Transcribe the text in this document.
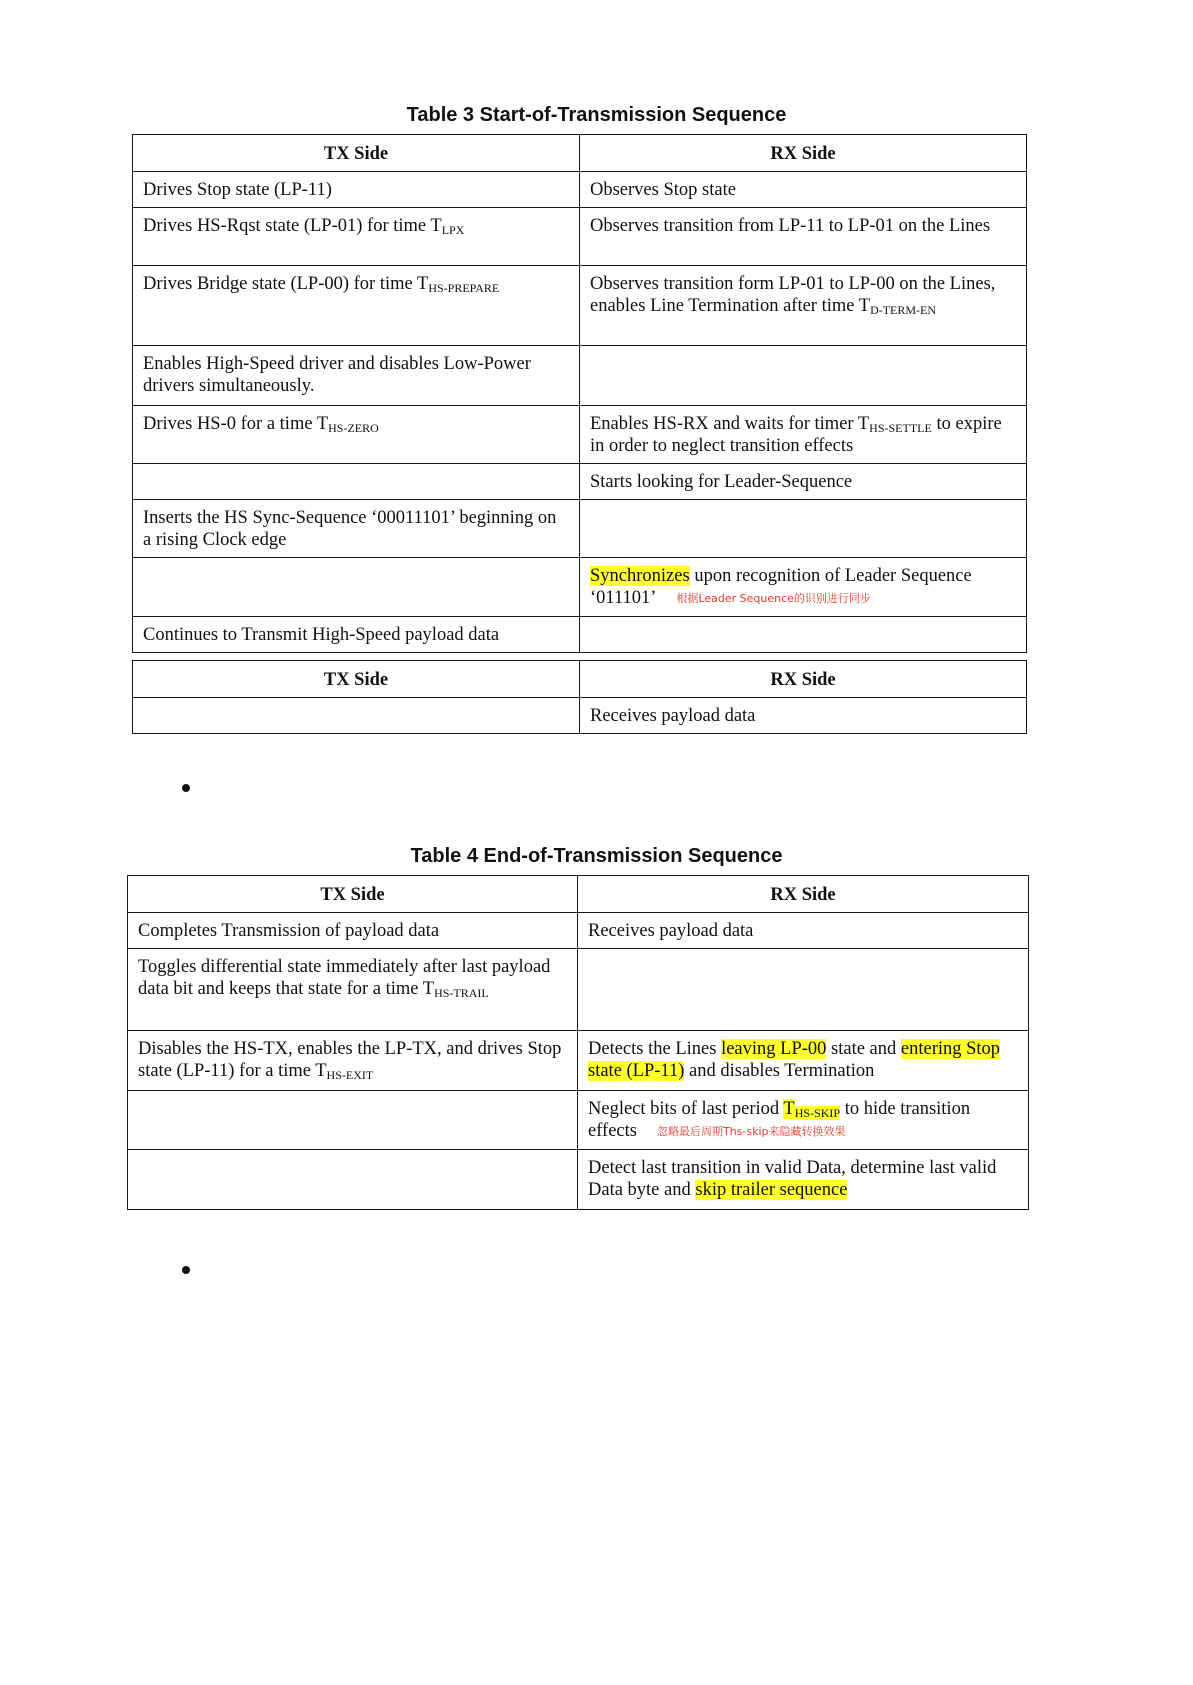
Table 3 Start-of-Transmission Sequence
TX Side	RX Side
Drives Stop state (LP-11)	Observes Stop state
Drives HS-Rqst state (LP-01) for time $T_{LPX}$	Observes transition from LP-11 to LP-01 on the Lines
Drives Bridge state (LP-00) for time $T_{HS-PREPARE}$	Observes transition form LP-01 to LP-00 on the Lines, enables Line Termination after time $T_{D-TERM-EN}$
Enables High-Speed driver and disables Low-Power drivers simultaneously.	
Drives HS-0 for a time $T_{HS-ZERO}$	Enables HS-RX and waits for timer $T_{HS-SETTLE}$ to expire in order to neglect transition effects
	Starts looking for Leader-Sequence
Inserts the HS Sync-Sequence ‘00011101’ beginning on a rising Clock edge	
	Synchronizes upon recognition of Leader Sequence ‘011101’ 根据Leader Sequence的识别进行同步
Continues to Transmit High-Speed payload data	
TX Side	RX Side
	Receives payload data
Table 4 End-of-Transmission Sequence
TX Side	RX Side
Completes Transmission of payload data	Receives payload data
Toggles differential state immediately after last payload data bit and keeps that state for a time $T_{HS-TRAIL}$	
Disables the HS-TX, enables the LP-TX, and drives Stop state (LP-11) for a time $T_{HS-EXIT}$	Detects the Lines leaving LP-00 state and entering Stop state (LP-11) and disables Termination
	Neglect bits of last period $T_{HS-SKIP}$ to hide transition effects 忽略最后周期Ths-skip来隐藏转换效果
	Detect last transition in valid Data, determine last valid Data byte and skip trailer sequence
